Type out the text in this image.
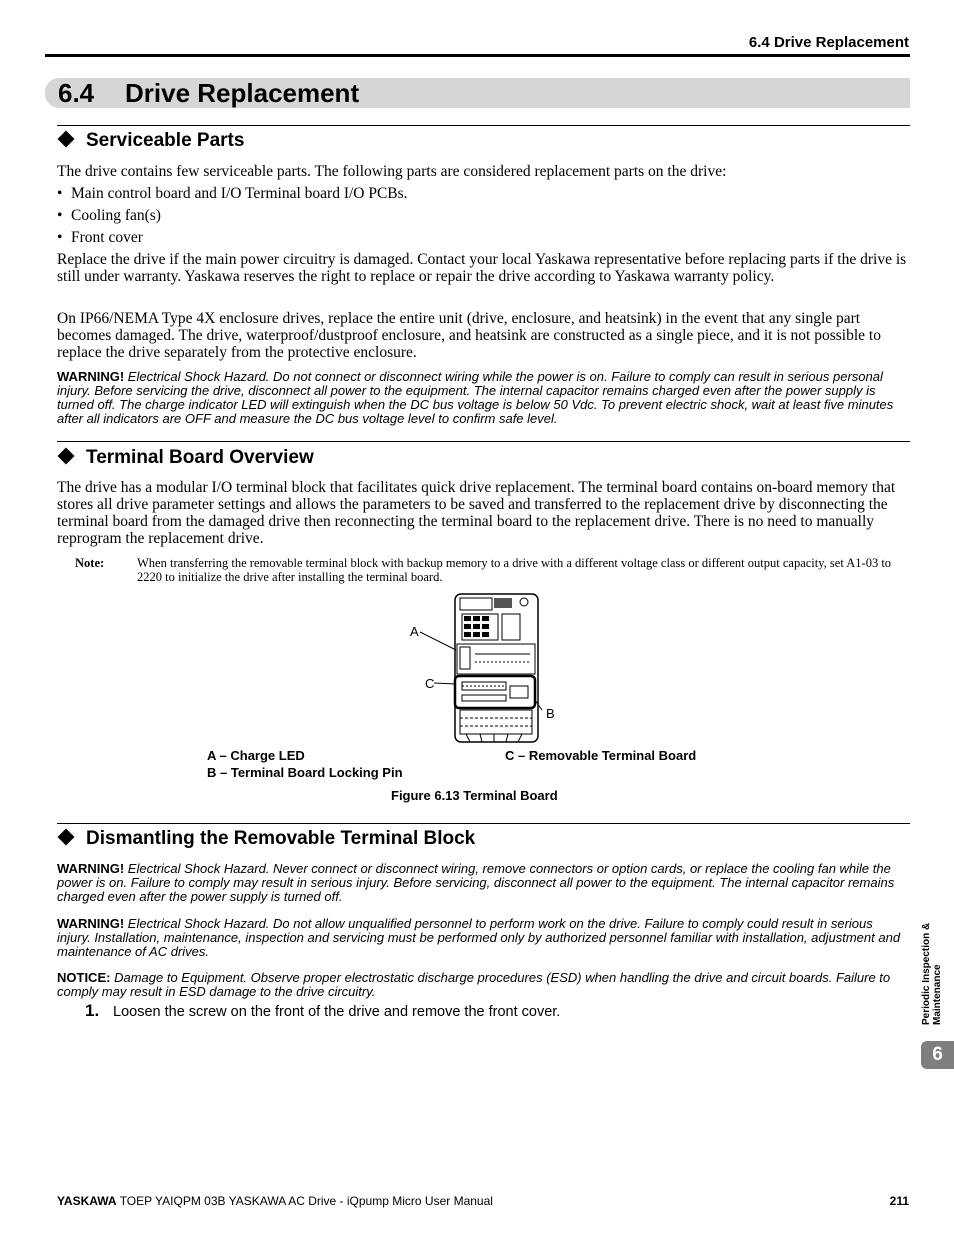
6.4 Drive Replacement
6.4 Drive Replacement
Serviceable Parts
The drive contains few serviceable parts. The following parts are considered replacement parts on the drive:
• Main control board and I/O Terminal board I/O PCBs.
• Cooling fan(s)
• Front cover
Replace the drive if the main power circuitry is damaged. Contact your local Yaskawa representative before replacing parts if the drive is still under warranty. Yaskawa reserves the right to replace or repair the drive according to Yaskawa warranty policy.
On IP66/NEMA Type 4X enclosure drives, replace the entire unit (drive, enclosure, and heatsink) in the event that any single part becomes damaged. The drive, waterproof/dustproof enclosure, and heatsink are constructed as a single piece, and it is not possible to replace the drive separately from the protective enclosure.
WARNING! Electrical Shock Hazard. Do not connect or disconnect wiring while the power is on. Failure to comply can result in serious personal injury. Before servicing the drive, disconnect all power to the equipment. The internal capacitor remains charged even after the power supply is turned off. The charge indicator LED will extinguish when the DC bus voltage is below 50 Vdc. To prevent electric shock, wait at least five minutes after all indicators are OFF and measure the DC bus voltage level to confirm safe level.
Terminal Board Overview
The drive has a modular I/O terminal block that facilitates quick drive replacement. The terminal board contains on-board memory that stores all drive parameter settings and allows the parameters to be saved and transferred to the replacement drive by disconnecting the terminal board from the damaged drive then reconnecting the terminal board to the replacement drive. There is no need to manually reprogram the replacement drive.
Note:	When transferring the removable terminal block with backup memory to a drive with a different voltage class or different output capacity, set A1-03 to 2220 to initialize the drive after installing the terminal board.
A
C
B
A – Charge LED	C – Removable Terminal Board
B – Terminal Board Locking Pin
Figure 6.13 Terminal Board
Dismantling the Removable Terminal Block
WARNING! Electrical Shock Hazard. Never connect or disconnect wiring, remove connectors or option cards, or replace the cooling fan while the power is on. Failure to comply may result in serious injury. Before servicing, disconnect all power to the equipment. The internal capacitor remains charged even after the power supply is turned off.
WARNING! Electrical Shock Hazard. Do not allow unqualified personnel to perform work on the drive. Failure to comply could result in serious injury. Installation, maintenance, inspection and servicing must be performed only by authorized personnel familiar with installation, adjustment and maintenance of AC drives.
NOTICE: Damage to Equipment. Observe proper electrostatic discharge procedures (ESD) when handling the drive and circuit boards. Failure to comply may result in ESD damage to the drive circuitry.
1. Loosen the screw on the front of the drive and remove the front cover.	Periodic Inspection & Maintenance
6
YASKAWA TOEP YAIQPM 03B YASKAWA AC Drive - iQpump Micro User Manual	211
